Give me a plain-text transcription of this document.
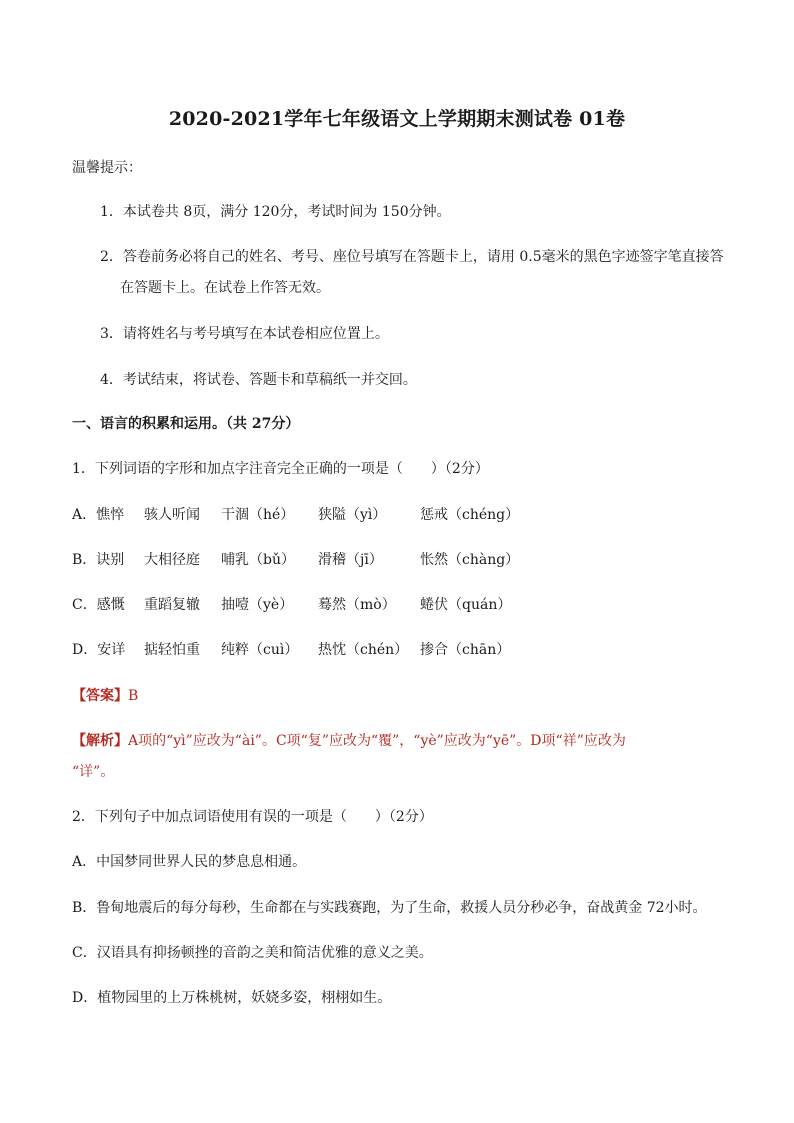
2020-2021学年七年级语文上学期期末测试卷 01卷
温馨提示：
1．本试卷共 8页，满分 120分，考试时间为 150分钟。
2．答卷前务必将自己的姓名、考号、座位号填写在答题卡上，请用 0.5毫米的黑色字迹签字笔直接答
在答题卡上。在试卷上作答无效。
3．请将姓名与考号填写在本试卷相应位置上。
4．考试结束，将试卷、答题卡和草稿纸一并交回。
一、语言的积累和运用。（共 27分）
1．下列词语的字形和加点字注音完全正确的一项是（　　）（2分）
A．憔悴 骇人听闻 干涸（hé） 狭隘（yì） 惩戒（chéng）
B．诀别 大相径庭 哺乳（bǔ） 滑稽（jī）	怅然（chàng）
C．感慨 重蹈复辙 抽噎（yè） 蓦然（mò） 蜷伏（quán）
D．安详 掂轻怕重 纯粹（cuì） 热忱（chén） 掺合（chān）
【答案】B
【解析】A项的“yì”应改为“ài”。C项“复”应改为“覆”，“yè”应改为“yē”。D项“祥”应改为
“详”。
2．下列句子中加点词语使用有误的一项是（　　）（2分）
A．中国梦同世界人民的梦息息相通。
B．鲁甸地震后的每分每秒，生命都在与实践赛跑，为了生命，救援人员分秒必争，奋战黄金 72小时。
C．汉语具有抑扬顿挫的音韵之美和简洁优雅的意义之美。
D．植物园里的上万株桃树，妖娆多姿，栩栩如生。
